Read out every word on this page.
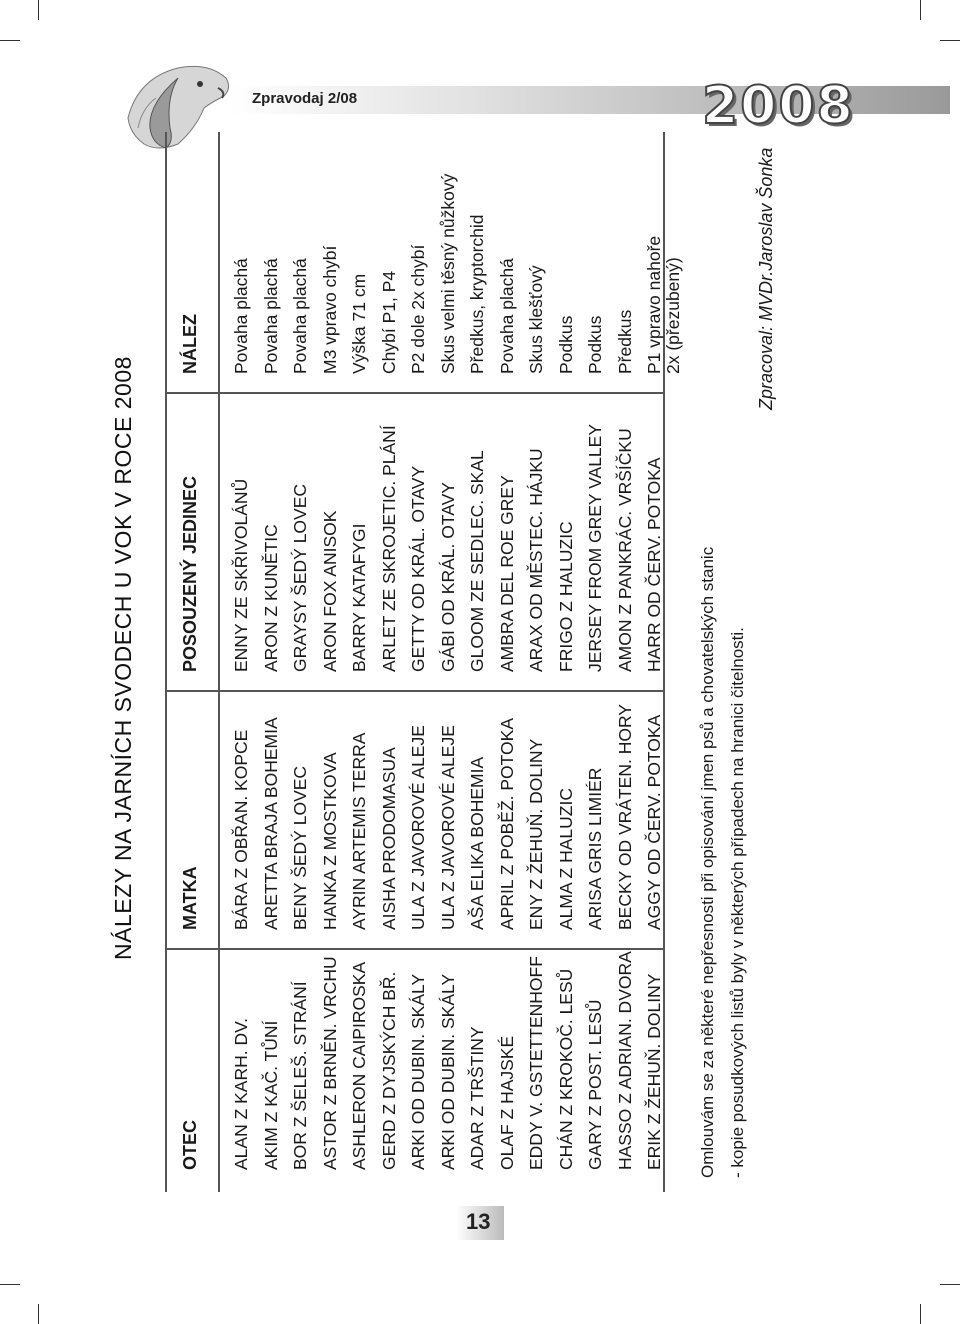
Zpravodaj 2/08	2008
13
NÁLEZY NA JARNÍCH SVODECH U VOK V ROCE 2008
OTEC
MATKA
POSOUZENÝ JEDINEC
NÁLEZ
ALAN Z KARH. DV.
BÁRA Z OBŘAN. KOPCE
ENNY ZE SKŘIVOLÁNŮ
Povaha plachá
AKIM Z KAČ. TŮNÍ
ARETTA BRAJA BOHEMIA
ARON Z KUNĚTIC
Povaha plachá
BOR Z ŠELEŠ. STRÁNÍ
BENY ŠEDÝ LOVEC
GRAYSY ŠEDÝ LOVEC
Povaha plachá
ASTOR Z BRNĚN. VRCHU
HANKA Z MOSTKOVA
ARON FOX ANISOK
M3 vpravo chybí
ASHLERON CAIPIROSKA
AYRIN ARTEMIS TERRA
BARRY KATAFYGI
Výška 71 cm
GERD Z DYJSKÝCH BŘ.
AISHA PRODOMASUA
ARLET ZE SKROJETIC. PLÁNÍ
Chybí P1, P4
ARKI OD DUBIN. SKÁLY
ULA Z JAVOROVÉ ALEJE
GETTY OD KRÁL. OTAVY
P2 dole 2x chybí
ARKI OD DUBIN. SKÁLY
ULA Z JAVOROVÉ ALEJE
GÁBI OD KRÁL. OTAVY
Skus velmi těsný nůžkový
ADAR Z TRŠTINY
AŠA ELIKA BOHEMIA
GLOOM ZE SEDLEC. SKAL
Předkus, kryptorchid
OLAF Z HAJSKÉ
APRIL Z POBĚŽ. POTOKA
AMBRA DEL ROE GREY
Povaha plachá
EDDY V. GSTETTENHOFF
ENY Z ŽEHUŇ. DOLINY
ARAX OD MĚSTEC. HÁJKU
Skus klešťový
CHÁN Z KROKOČ. LESŮ
ALMA Z HALUZIC
FRIGO Z HALUZIC
Podkus
GARY Z POST. LESŮ
ARISA GRIS LIMIÉR
JERSEY FROM GREY VALLEY
Podkus
HASSO Z ADRIAN. DVORA
BECKY OD VRÁTEN. HORY
AMON Z PANKRÁC. VRŠÍČKU
Předkus
ERIK Z ŽEHUŇ. DOLINY
AGGY OD ČERV. POTOKA
HARR OD ČERV. POTOKA
P1 vpravo nahoře 2x (přezubený)
Omlouvám se za některé nepřesnosti při opisování jmen psů a chovatelských stanic - kopie posudkových listů byly v některých případech na hranici čitelnosti.
Zpracoval: MVDr.Jaroslav Šonka
